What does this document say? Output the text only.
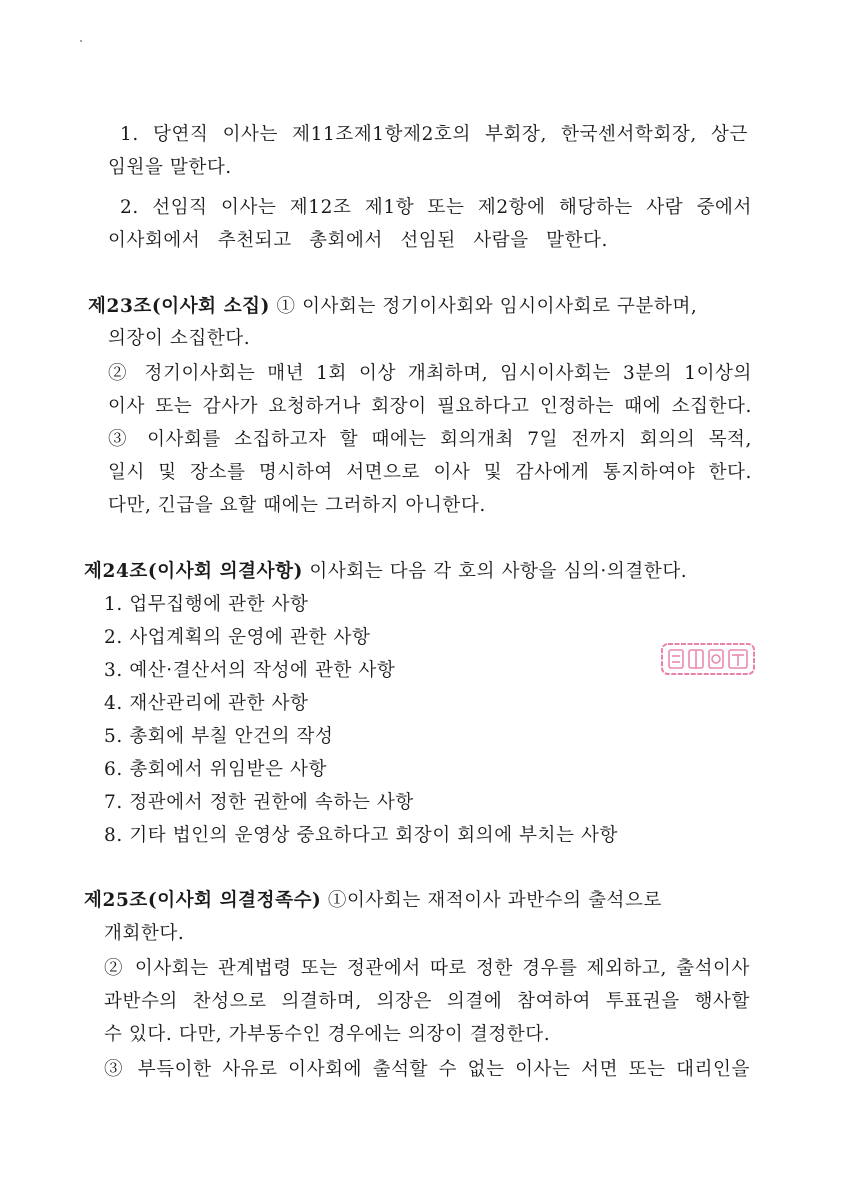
1. 당연직 이사는 제11조제1항제2호의 부회장, 한국센서학회장, 상근
임원을 말한다.
2. 선임직 이사는 제12조 제1항 또는 제2항에 해당하는 사람 중에서
이사회에서 추천되고 총회에서 선임된 사람을 말한다.
제23조(이사회 소집) ① 이사회는 정기이사회와 임시이사회로 구분하며,
의장이 소집한다.
② 정기이사회는 매년 1회 이상 개최하며, 임시이사회는 3분의 1이상의
이사 또는 감사가 요청하거나 회장이 필요하다고 인정하는 때에 소집한다.
③ 이사회를 소집하고자 할 때에는 회의개최 7일 전까지 회의의 목적,
일시 및 장소를 명시하여 서면으로 이사 및 감사에게 통지하여야 한다.
다만, 긴급을 요할 때에는 그러하지 아니한다.
제24조(이사회 의결사항) 이사회는 다음 각 호의 사항을 심의·의결한다.
1. 업무집행에 관한 사항
2. 사업계획의 운영에 관한 사항
3. 예산·결산서의 작성에 관한 사항
4. 재산관리에 관한 사항
5. 총회에 부칠 안건의 작성
6. 총회에서 위임받은 사항
7. 정관에서 정한 권한에 속하는 사항
8. 기타 법인의 운영상 중요하다고 회장이 회의에 부치는 사항
제25조(이사회 의결정족수) ①이사회는 재적이사 과반수의 출석으로
개회한다.
② 이사회는 관계법령 또는 정관에서 따로 정한 경우를 제외하고, 출석이사
과반수의 찬성으로 의결하며, 의장은 의결에 참여하여 투표권을 행사할
수 있다. 다만, 가부동수인 경우에는 의장이 결정한다.
③ 부득이한 사유로 이사회에 출석할 수 없는 이사는 서면 또는 대리인을
